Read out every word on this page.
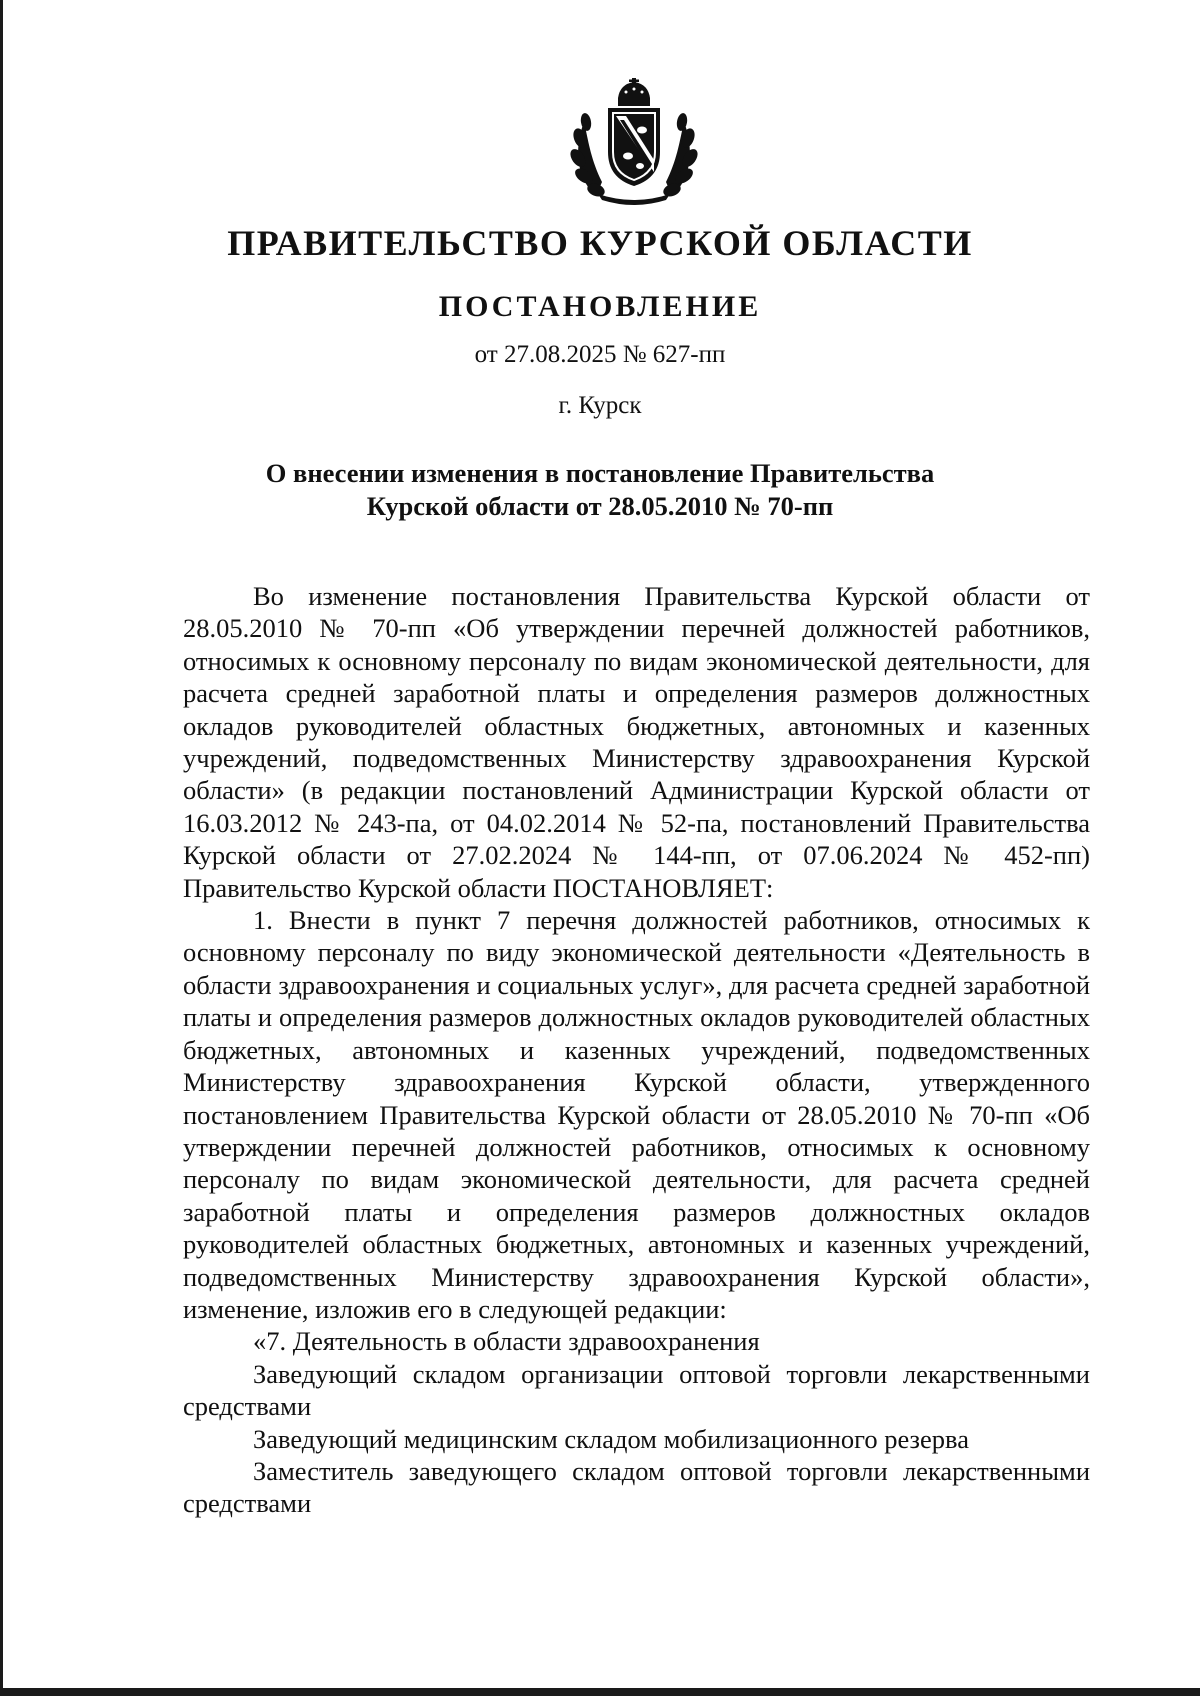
ПРАВИТЕЛЬСТВО КУРСКОЙ ОБЛАСТИ
ПОСТАНОВЛЕНИЕ
от 27.08.2025 № 627-пп
г. Курск
О внесении изменения в постановление Правительства
Курской области от 28.05.2010 № 70-пп

Во изменение постановления Правительства Курской области от 28.05.2010 № 70-пп «Об утверждении перечней должностей работников, относимых к основному персоналу по видам экономической деятельности, для расчета средней заработной платы и определения размеров должностных окладов руководителей областных бюджетных, автономных и казенных учреждений, подведомственных Министерству здравоохранения Курской области» (в редакции постановлений Администрации Курской области от 16.03.2012 № 243-па, от 04.02.2014 № 52-па, постановлений Правительства Курской области от 27.02.2024 № 144-пп, от 07.06.2024 № 452-пп) Правительство Курской области ПОСТАНОВЛЯЕТ:

1. Внести в пункт 7 перечня должностей работников, относимых к основному персоналу по виду экономической деятельности «Деятельность в области здравоохранения и социальных услуг», для расчета средней заработной платы и определения размеров должностных окладов руководителей областных бюджетных, автономных и казенных учреждений, подведомственных Министерству здравоохранения Курской области, утвержденного постановлением Правительства Курской области от 28.05.2010 № 70-пп «Об утверждении перечней должностей работников, относимых к основному персоналу по видам экономической деятельности, для расчета средней заработной платы и определения размеров должностных окладов руководителей областных бюджетных, автономных и казенных учреждений, подведомственных Министерству здравоохранения Курской области», изменение, изложив его в следующей редакции:

«7. Деятельность в области здравоохранения

Заведующий складом организации оптовой торговли лекарственными средствами

Заведующий медицинским складом мобилизационного резерва

Заместитель заведующего складом оптовой торговли лекарственными средствами
